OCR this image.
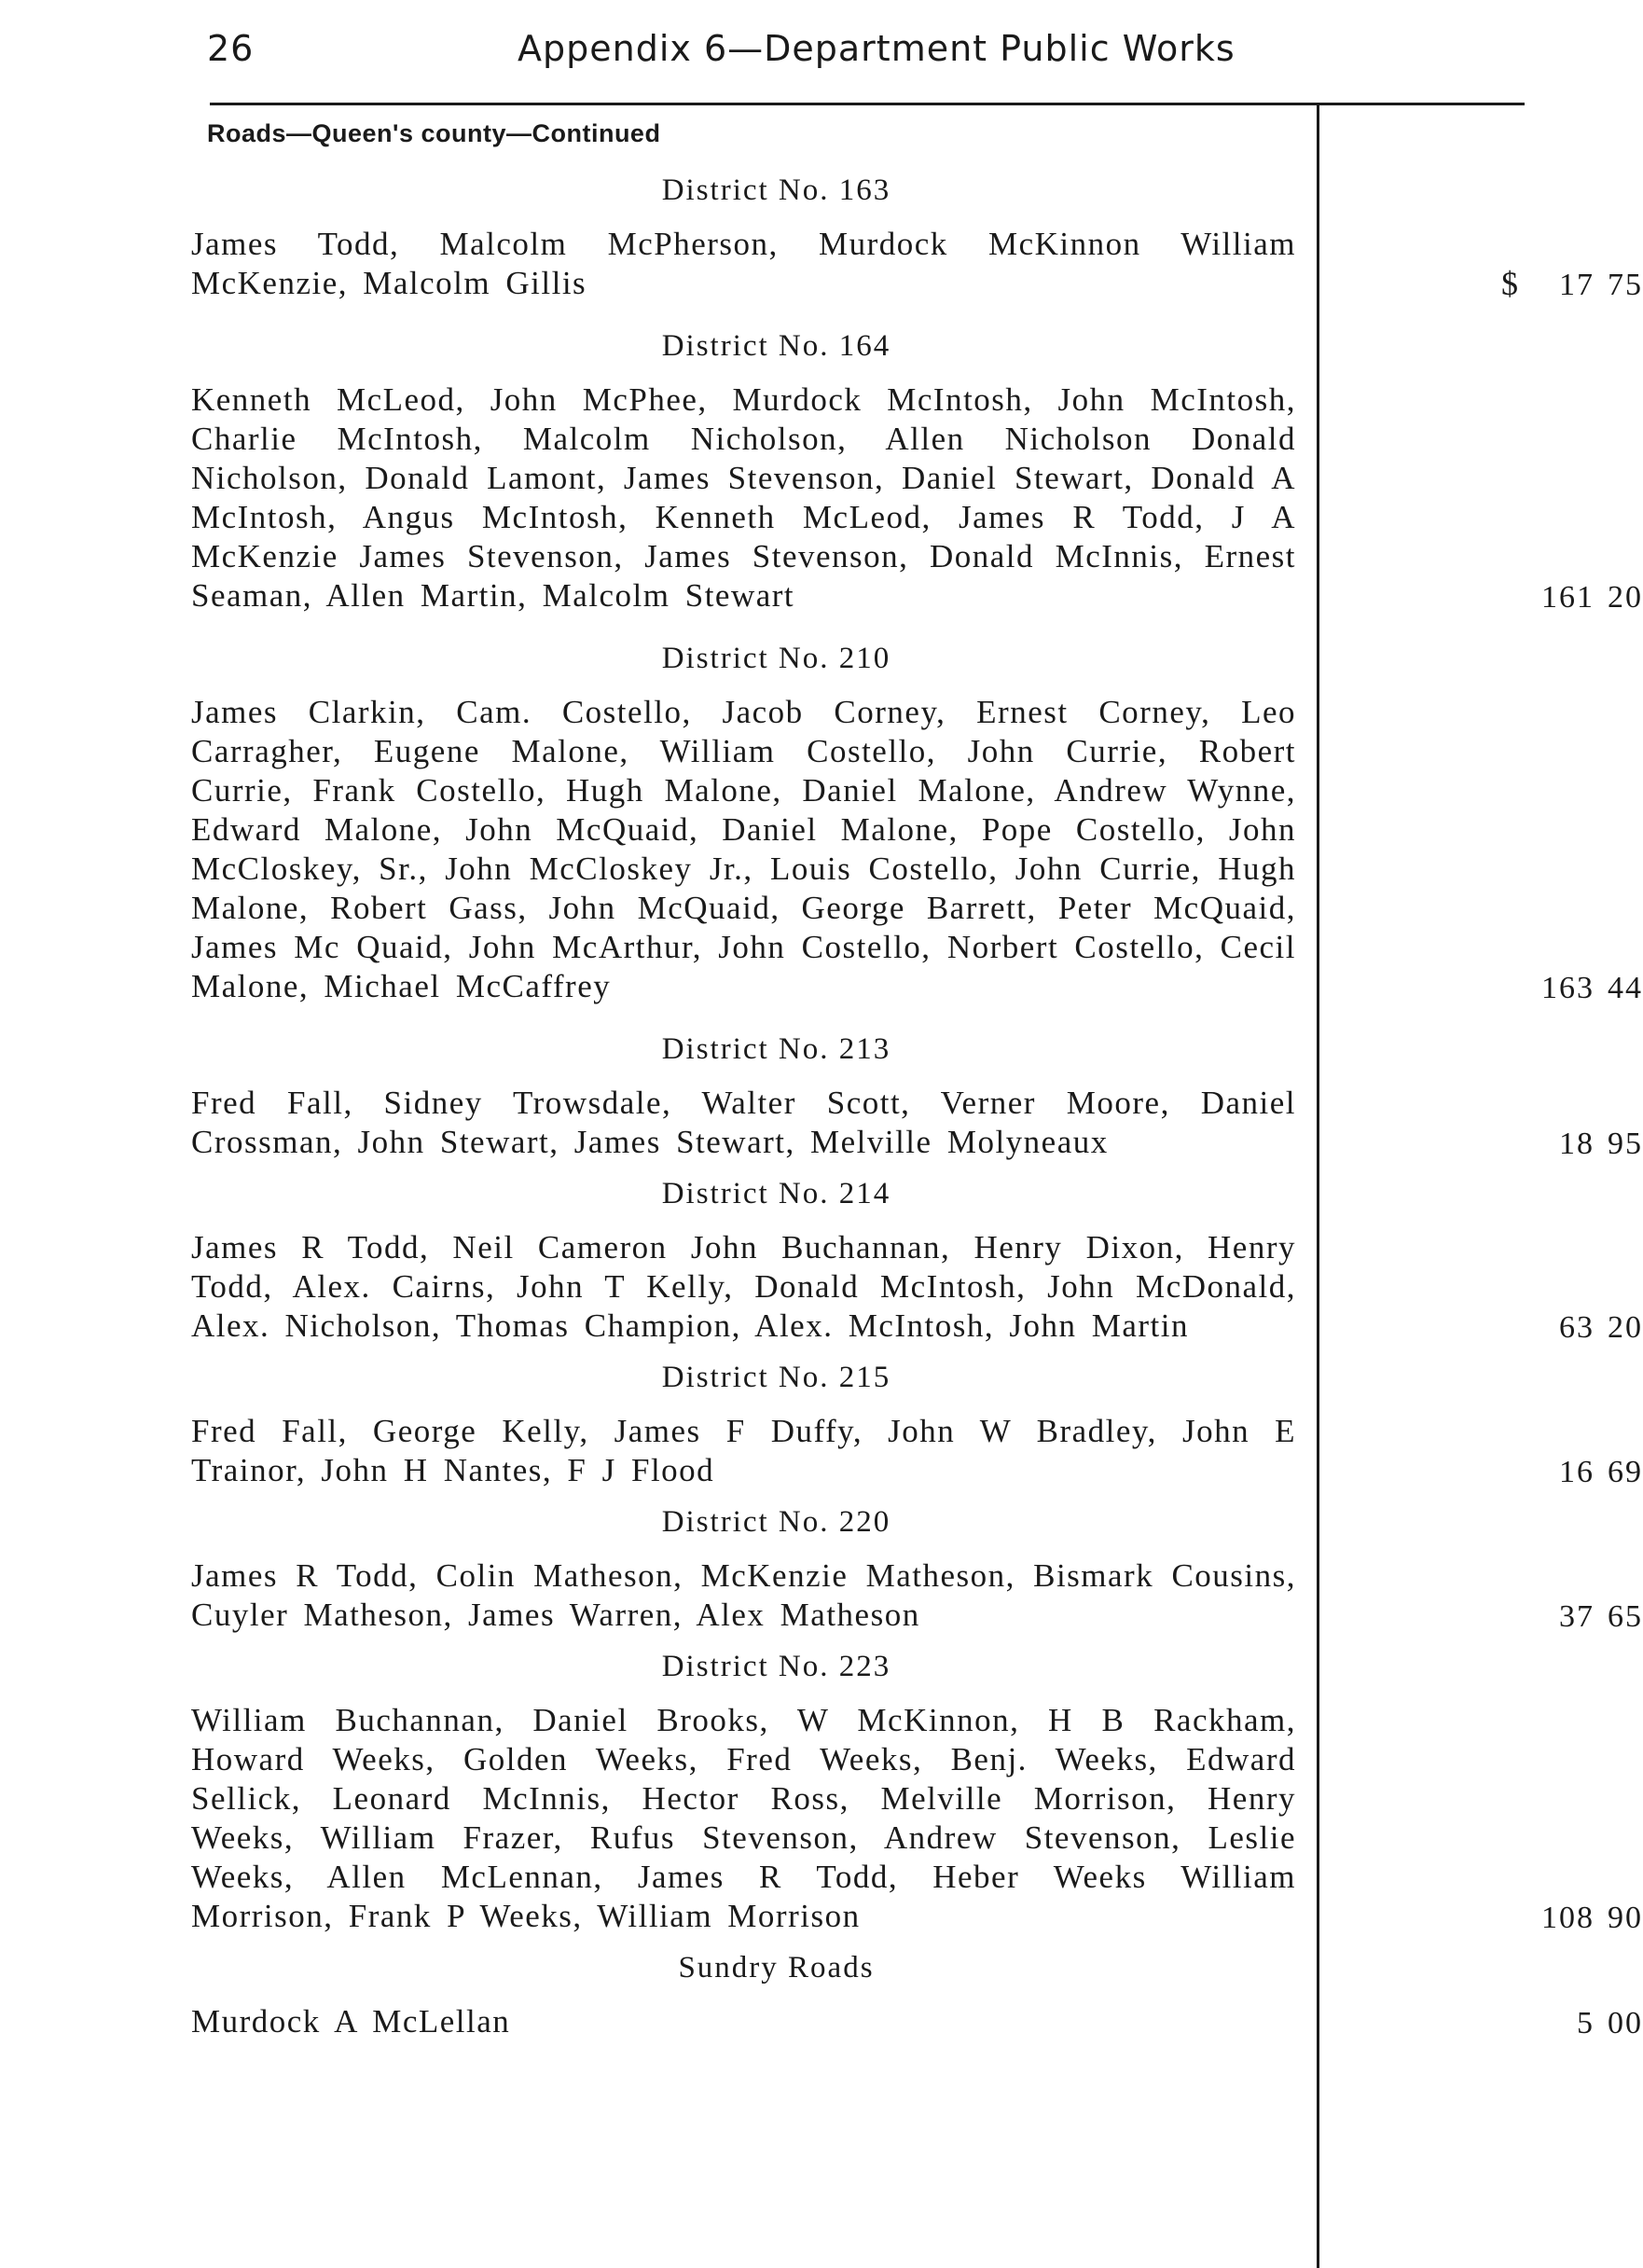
26	Appendix 6—Department Public Works
Roads—Queen's county—Continued
District No. 163

James Todd, Malcolm McPherson, Murdock McKinnon William McKenzie, Malcolm Gillis	$ 17 75
District No. 164

Kenneth McLeod, John McPhee, Murdock McIntosh, John McIntosh, Charlie McIntosh, Malcolm Nicholson, Allen Nicholson Donald Nicholson, Donald Lamont, James Stevenson, Daniel Stewart, Donald A McIntosh, Angus McIntosh, Kenneth McLeod, James R Todd, J A McKenzie James Stevenson, James Stevenson, Donald McInnis, Ernest Seaman, Allen Martin, Malcolm Stewart	161 20
District No. 210

James Clarkin, Cam. Costello, Jacob Corney, Ernest Corney, Leo Carragher, Eugene Malone, William Costello, John Currie, Robert Currie, Frank Costello, Hugh Malone, Daniel Malone, Andrew Wynne, Edward Malone, John McQuaid, Daniel Malone, Pope Costello, John McCloskey, Sr., John McCloskey Jr., Louis Costello, John Currie, Hugh Malone, Robert Gass, John McQuaid, George Barrett, Peter McQuaid, James Mc Quaid, John McArthur, John Costello, Norbert Costello, Cecil Malone, Michael McCaffrey	163 44
District No. 213

Fred Fall, Sidney Trowsdale, Walter Scott, Verner Moore, Daniel Crossman, John Stewart, James Stewart, Melville Molyneaux	18 95
District No. 214

James R Todd, Neil Cameron John Buchannan, Henry Dixon, Henry Todd, Alex. Cairns, John T Kelly, Donald McIntosh, John McDonald, Alex. Nicholson, Thomas Champion, Alex. McIntosh, John Martin	63 20
District No. 215

Fred Fall, George Kelly, James F Duffy, John W Bradley, John E Trainor, John H Nantes, F J Flood	16 69
District No. 220

James R Todd, Colin Matheson, McKenzie Matheson, Bismark Cousins, Cuyler Matheson, James Warren, Alex Matheson	37 65
District No. 223

William Buchannan, Daniel Brooks, W McKinnon, H B Rackham, Howard Weeks, Golden Weeks, Fred Weeks, Benj. Weeks, Edward Sellick, Leonard McInnis, Hector Ross, Melville Morrison, Henry Weeks, William Frazer, Rufus Stevenson, Andrew Stevenson, Leslie Weeks, Allen McLennan, James R Todd, Heber Weeks William Morrison, Frank P Weeks, William Morrison	108 90
Sundry Roads

Murdock A McLellan	5 00
